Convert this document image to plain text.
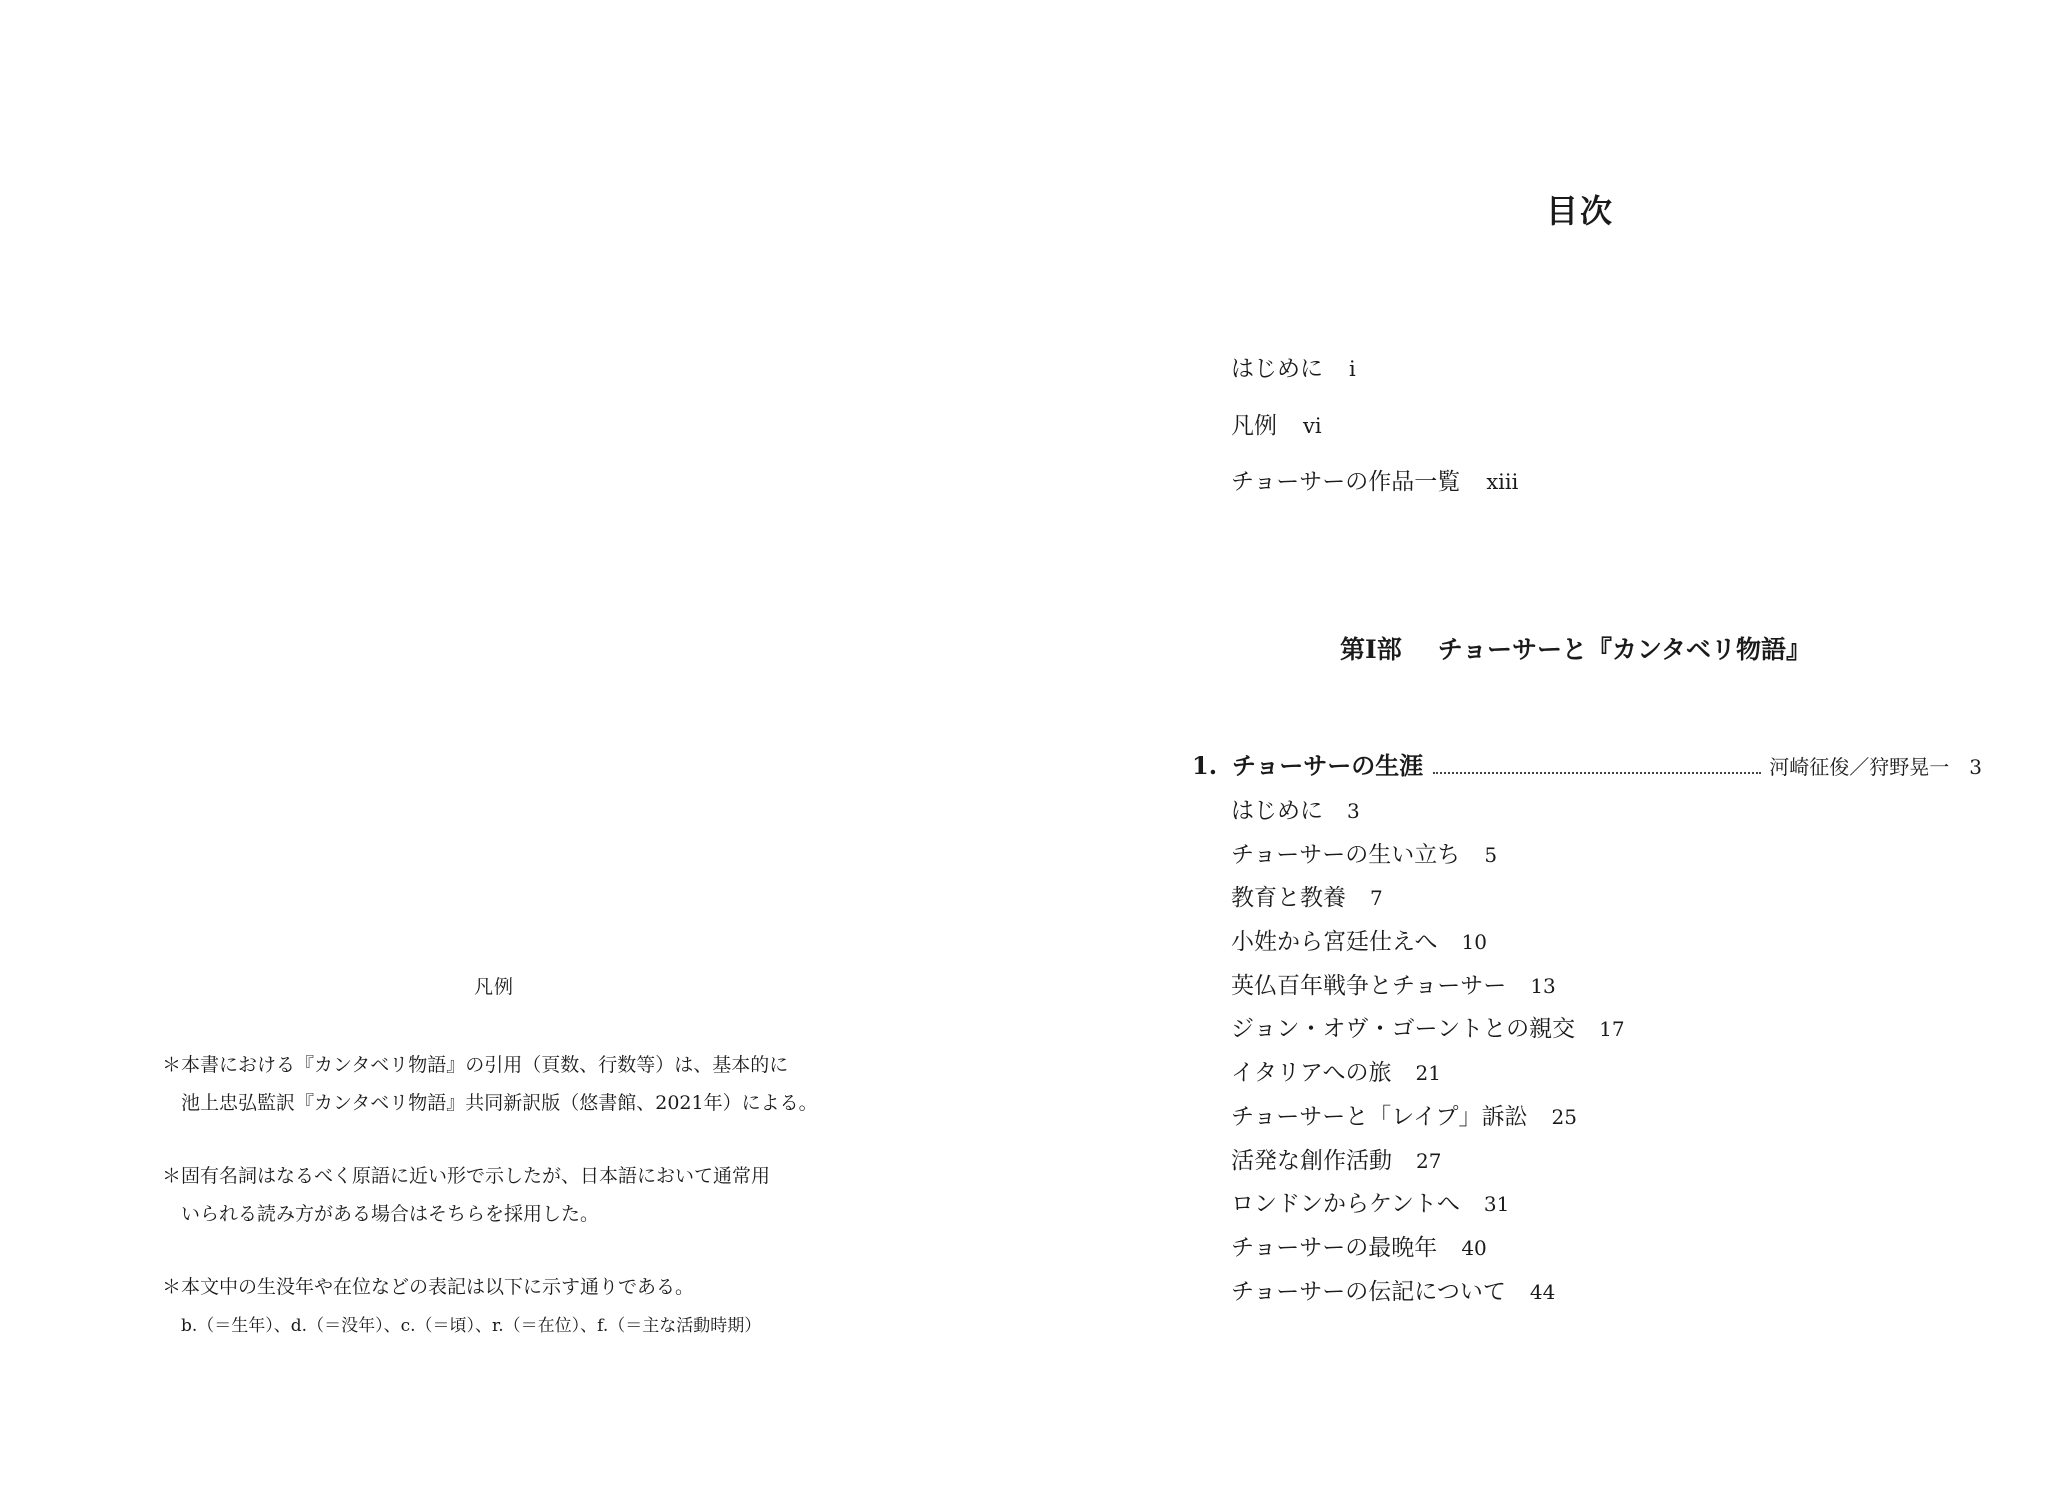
凡例
＊ 本書における『カンタベリ物語』の引用（頁数、行数等）は、基本的に
池上忠弘監訳『カンタベリ物語』共同新訳版（悠書館、2021年）による。
＊ 固有名詞はなるべく原語に近い形で示したが、日本語において通常用
いられる読み方がある場合はそちらを採用した。
＊ 本文中の生没年や在位などの表記は以下に示す通りである。
b.（＝生年）、d.（＝没年）、c.（＝頃）、r.（＝在位）、f.（＝主な活動時期）
目次
はじめに i
凡例 vi
チョーサーの作品一覧 xiii
第Ⅰ部 チョーサーと『カンタベリ物語』
1. チョーサーの生涯	河崎征俊／狩野晃一 3
はじめに 3
チョーサーの生い立ち 5
教育と教養 7
小姓から宮廷仕えへ 10
英仏百年戦争とチョーサー 13
ジョン・オヴ・ゴーントとの親交 17
イタリアへの旅 21
チョーサーと「レイプ」訴訟 25
活発な創作活動 27
ロンドンからケントへ 31
チョーサーの最晩年 40
チョーサーの伝記について 44
